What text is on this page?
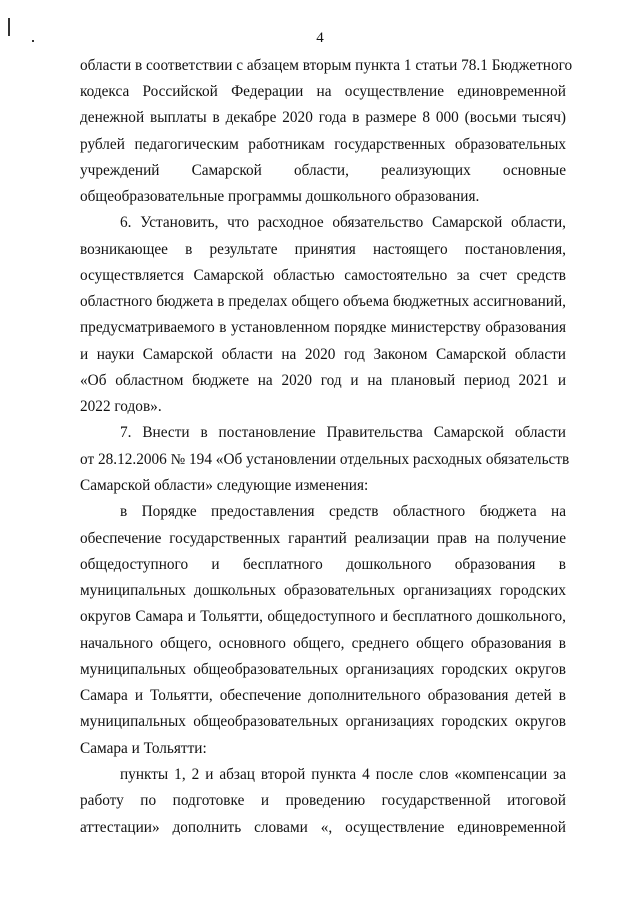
4
области в соответствии с абзацем вторым пункта 1 статьи 78.1 Бюджетного
кодекса Российской Федерации на осуществление единовременной
денежной выплаты в декабре 2020 года в размере 8 000 (восьми тысяч)
рублей педагогическим работникам государственных образовательных
учреждений Самарской области, реализующих основные
общеобразовательные программы дошкольного образования.
6. Установить, что расходное обязательство Самарской области,
возникающее в результате принятия настоящего постановления,
осуществляется Самарской областью самостоятельно за счет средств
областного бюджета в пределах общего объема бюджетных ассигнований,
предусматриваемого в установленном порядке министерству образования
и науки Самарской области на 2020 год Законом Самарской области
«Об областном бюджете на 2020 год и на плановый период 2021 и
2022 годов».
7. Внести в постановление Правительства Самарской области
от 28.12.2006 № 194 «Об установлении отдельных расходных обязательств
Самарской области» следующие изменения:
в Порядке предоставления средств областного бюджета на
обеспечение государственных гарантий реализации прав на получение
общедоступного и бесплатного дошкольного образования в
муниципальных дошкольных образовательных организациях городских
округов Самара и Тольятти, общедоступного и бесплатного дошкольного,
начального общего, основного общего, среднего общего образования в
муниципальных общеобразовательных организациях городских округов
Самара и Тольятти, обеспечение дополнительного образования детей в
муниципальных общеобразовательных организациях городских округов
Самара и Тольятти:
пункты 1, 2 и абзац второй пункта 4 после слов «компенсации за
работу по подготовке и проведению государственной итоговой
аттестации» дополнить словами «, осуществление единовременной
